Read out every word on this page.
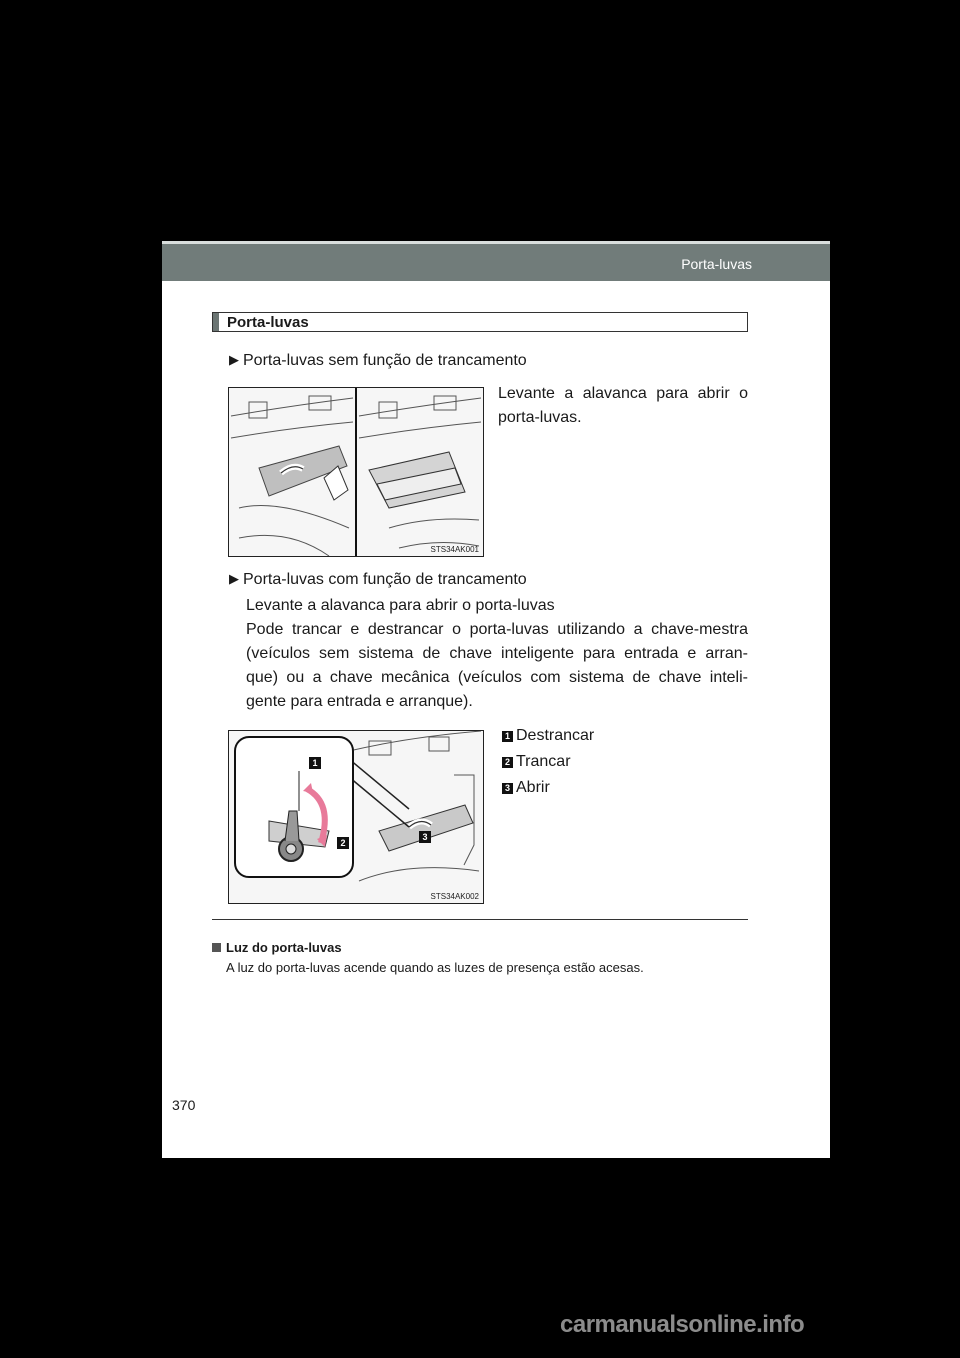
Porta-luvas
Porta-luvas
▶ Porta-luvas sem função de trancamento
Levante a alavanca para abrir o
porta-luvas.
STS34AK001
▶ Porta-luvas com função de trancamento
Levante a alavanca para abrir o porta-luvas
Pode trancar e destrancar o porta-luvas utilizando a chave-mestra
(veículos sem sistema de chave inteligente para entrada e arran-
que) ou a chave mecânica (veículos com sistema de chave inteli-
gente para entrada e arranque).
1
2
3
STS34AK002
1 Destrancar
2 Trancar
3 Abrir
Luz do porta-luvas
A luz do porta-luvas acende quando as luzes de presença estão acesas.
370
carmanualsonline.info
